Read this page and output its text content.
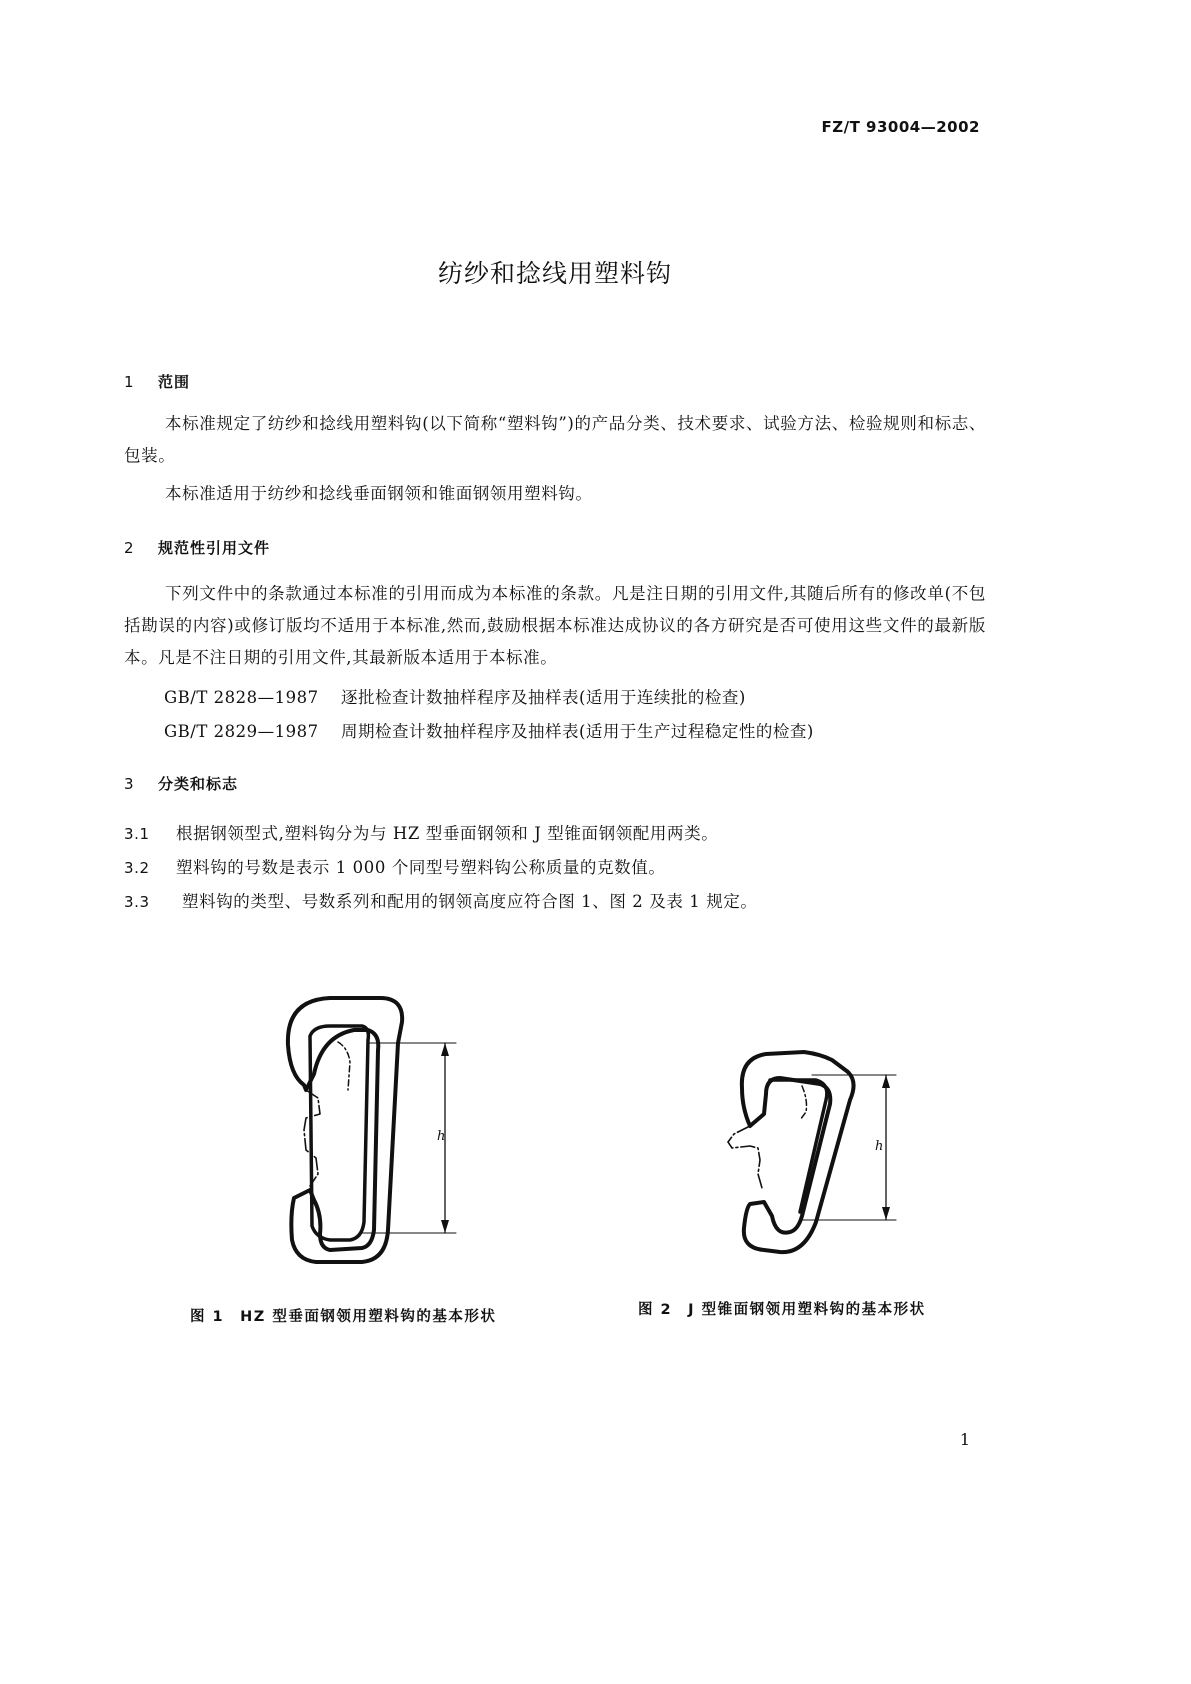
FZ/T 93004—2002
纺纱和捻线用塑料钩
1 范围
本标准规定了纺纱和捻线用塑料钩(以下简称“塑料钩”)的产品分类、技术要求、试验方法、检验规则和标志、包装。
本标准适用于纺纱和捻线垂面钢领和锥面钢领用塑料钩。
2 规范性引用文件
下列文件中的条款通过本标准的引用而成为本标准的条款。凡是注日期的引用文件,其随后所有的修改单(不包括勘误的内容)或修订版均不适用于本标准,然而,鼓励根据本标准达成协议的各方研究是否可使用这些文件的最新版本。凡是不注日期的引用文件,其最新版本适用于本标准。
GB/T 2828—1987 逐批检查计数抽样程序及抽样表(适用于连续批的检查)
GB/T 2829—1987 周期检查计数抽样程序及抽样表(适用于生产过程稳定性的检查)
3 分类和标志
3.1 根据钢领型式,塑料钩分为与 HZ 型垂面钢领和 J 型锥面钢领配用两类。
3.2 塑料钩的号数是表示 1 000 个同型号塑料钩公称质量的克数值。
3.3 塑料钩的类型、号数系列和配用的钢领高度应符合图 1、图 2 及表 1 规定。
h
h
图 1　HZ 型垂面钢领用塑料钩的基本形状	图 2　J 型锥面钢领用塑料钩的基本形状
1
